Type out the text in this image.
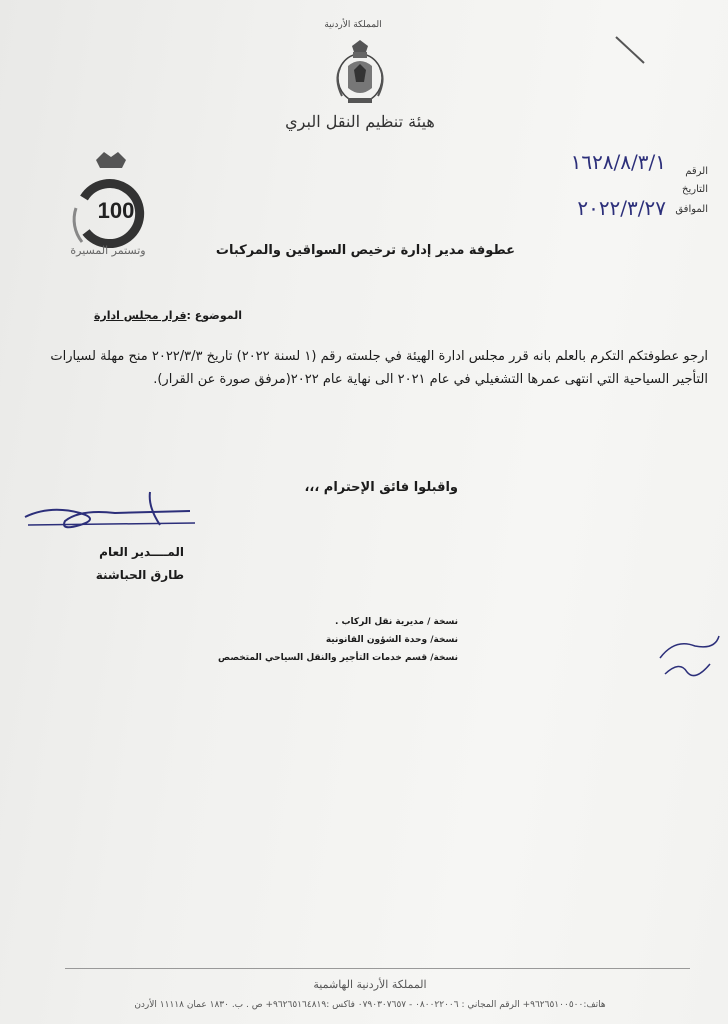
المملكة الأردنية
هيئة تنظيم النقل البري
100
وتستمر المسيرة
الرقم
١٦٢٨/٨/٣/١
التاريخ
الموافق
٢٠٢٢/٣/٢٧
عطوفة مدير إدارة ترخيص السواقين والمركبات
الموضوع :قرار مجلس ادارة
ارجو عطوفتكم التكرم بالعلم بانه قرر مجلس ادارة الهيئة في جلسته رقم (١ لسنة ٢٠٢٢) تاريخ ٢٠٢٢/٣/٣ منح مهلة لسيارات التأجير السياحية التي انتهى عمرها التشغيلي في عام ٢٠٢١ الى نهاية عام ٢٠٢٢(مرفق صورة عن القرار).
واقبلوا فائق الإحترام ،،،
المــــدير العام
طارق الحباشنة
نسخة / مديرية نقل الركاب .
نسخة/ وحدة الشؤون القانونية
نسخة/ قسم خدمات التأجير والنقل السياحي المتخصص
المملكة الأردنية الهاشمية
هاتف:٩٦٢٦٥١٠٠٥٠٠+ الرقم المجاني : ٠٨٠٠٢٢٠٠٦ - ٠٧٩٠٣٠٧٦٥٧ فاكس :٩٦٢٦٥١٦٤٨١٩+ ص . ب. ١٨٣٠ عمان ١١١١٨ الأردن
